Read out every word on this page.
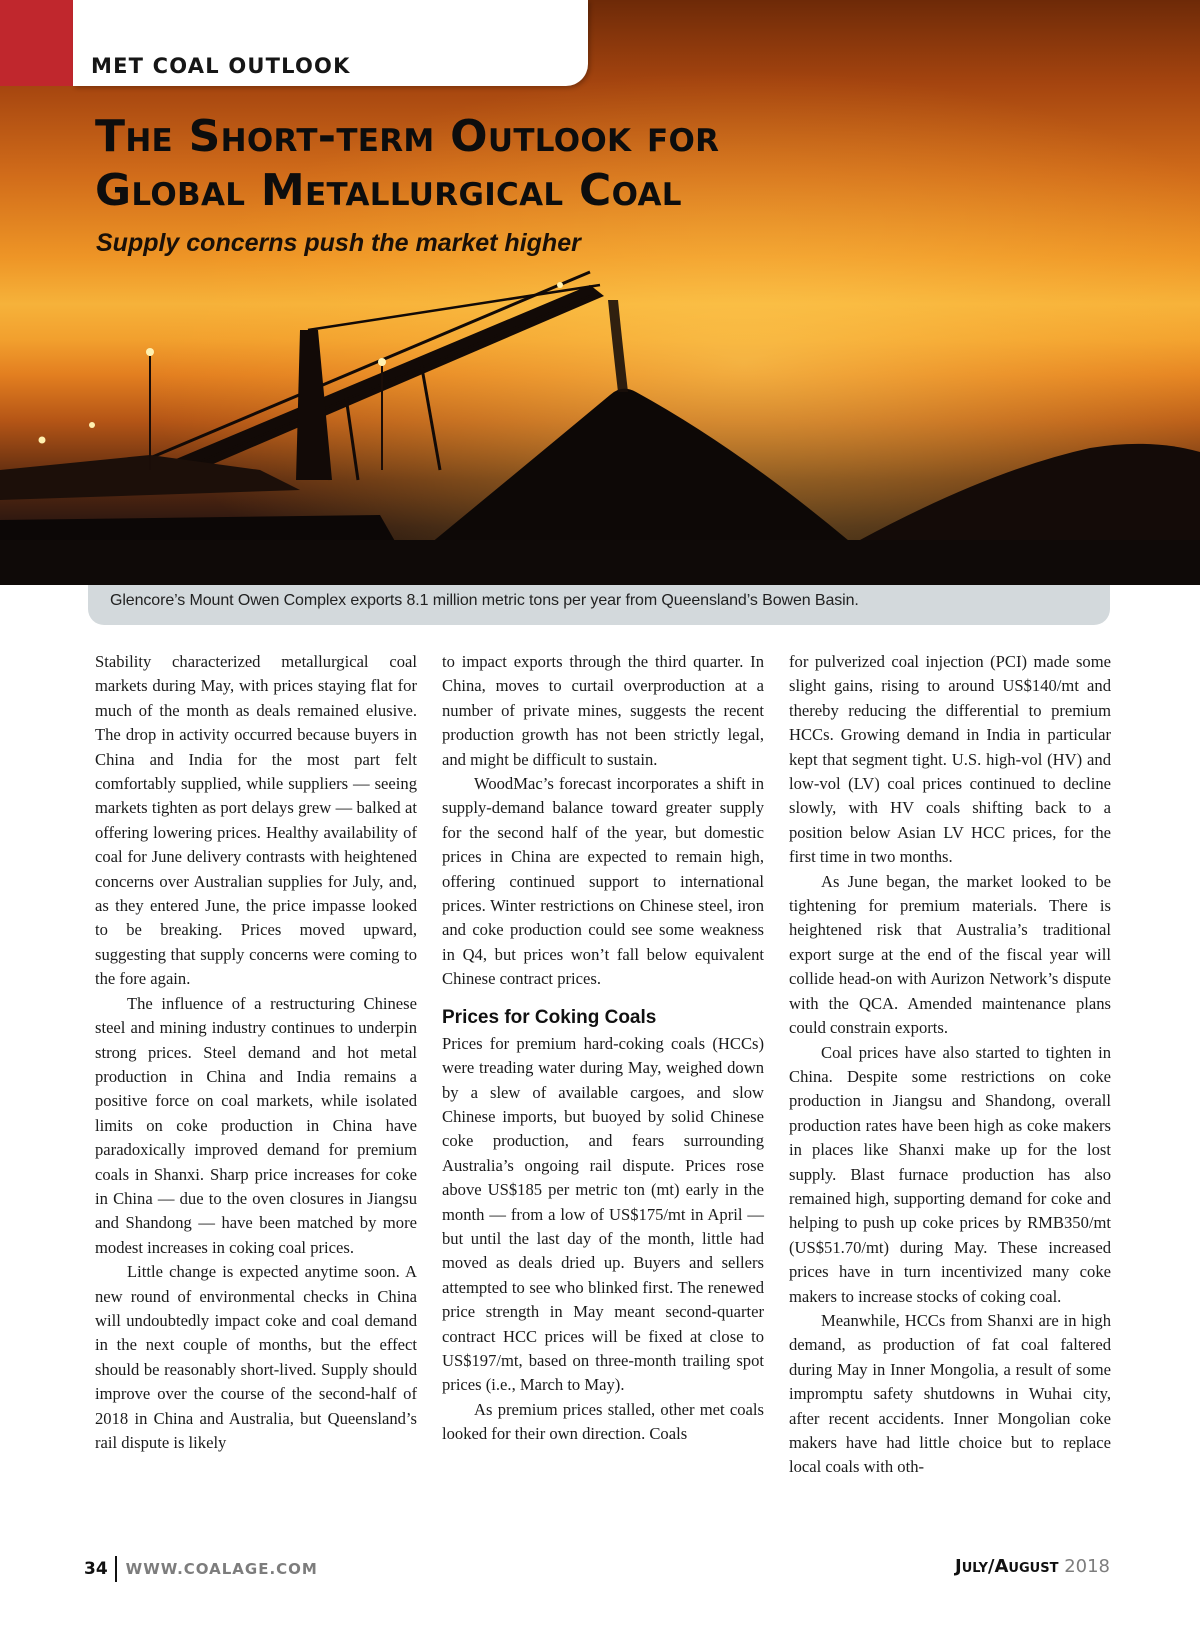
MET COAL OUTLOOK
The Short-term Outlook for Global Metallurgical Coal
Supply concerns push the market higher
Glencore’s Mount Owen Complex exports 8.1 million metric tons per year from Queensland’s Bowen Basin.

Stability characterized metallurgical coal markets during May, with prices staying flat for much of the month as deals remained elusive. The drop in activity occurred because buyers in China and India for the most part felt comfortably supplied, while suppliers — seeing markets tighten as port delays grew — balked at offering lowering prices. Healthy availability of coal for June delivery contrasts with heightened concerns over Australian supplies for July, and, as they entered June, the price impasse looked to be breaking. Prices moved upward, suggesting that supply concerns were coming to the fore again.

The influence of a restructuring Chinese steel and mining industry continues to underpin strong prices. Steel demand and hot metal production in China and India remains a positive force on coal markets, while isolated limits on coke production in China have paradoxically improved demand for premium coals in Shanxi. Sharp price increases for coke in China — due to the oven closures in Jiangsu and Shandong — have been matched by more modest increases in coking coal prices.

Little change is expected anytime soon. A new round of environmental checks in China will undoubtedly impact coke and coal demand in the next couple of months, but the effect should be reasonably short-lived. Supply should improve over the course of the second-half of 2018 in China and Australia, but Queensland’s rail dispute is likely

to impact exports through the third quarter. In China, moves to curtail overproduction at a number of private mines, suggests the recent production growth has not been strictly legal, and might be difficult to sustain.

WoodMac’s forecast incorporates a shift in supply-demand balance toward greater supply for the second half of the year, but domestic prices in China are expected to remain high, offering continued support to international prices. Winter restrictions on Chinese steel, iron and coke production could see some weakness in Q4, but prices won’t fall below equivalent Chinese contract prices.

Prices for Coking Coals

Prices for premium hard-coking coals (HCCs) were treading water during May, weighed down by a slew of available cargoes, and slow Chinese imports, but buoyed by solid Chinese coke production, and fears surrounding Australia’s ongoing rail dispute. Prices rose above US$185 per metric ton (mt) early in the month — from a low of US$175/mt in April — but until the last day of the month, little had moved as deals dried up. Buyers and sellers attempted to see who blinked first. The renewed price strength in May meant second-quarter contract HCC prices will be fixed at close to US$197/mt, based on three-month trailing spot prices (i.e., March to May).

As premium prices stalled, other met coals looked for their own direction. Coals

for pulverized coal injection (PCI) made some slight gains, rising to around US$140/mt and thereby reducing the differential to premium HCCs. Growing demand in India in particular kept that segment tight. U.S. high-vol (HV) and low-vol (LV) coal prices continued to decline slowly, with HV coals shifting back to a position below Asian LV HCC prices, for the first time in two months.

As June began, the market looked to be tightening for premium materials. There is heightened risk that Australia’s traditional export surge at the end of the fiscal year will collide head-on with Aurizon Network’s dispute with the QCA. Amended maintenance plans could constrain exports.

Coal prices have also started to tighten in China. Despite some restrictions on coke production in Jiangsu and Shandong, overall production rates have been high as coke makers in places like Shanxi make up for the lost supply. Blast furnace production has also remained high, supporting demand for coke and helping to push up coke prices by RMB350/mt (US$51.70/mt) during May. These increased prices have in turn incentivized many coke makers to increase stocks of coking coal.

Meanwhile, HCCs from Shanxi are in high demand, as production of fat coal faltered during May in Inner Mongolia, a result of some impromptu safety shutdowns in Wuhai city, after recent accidents. Inner Mongolian coke makers have had little choice but to replace local coals with oth-

34 WWW.COALAGE.COM	July/August 2018
